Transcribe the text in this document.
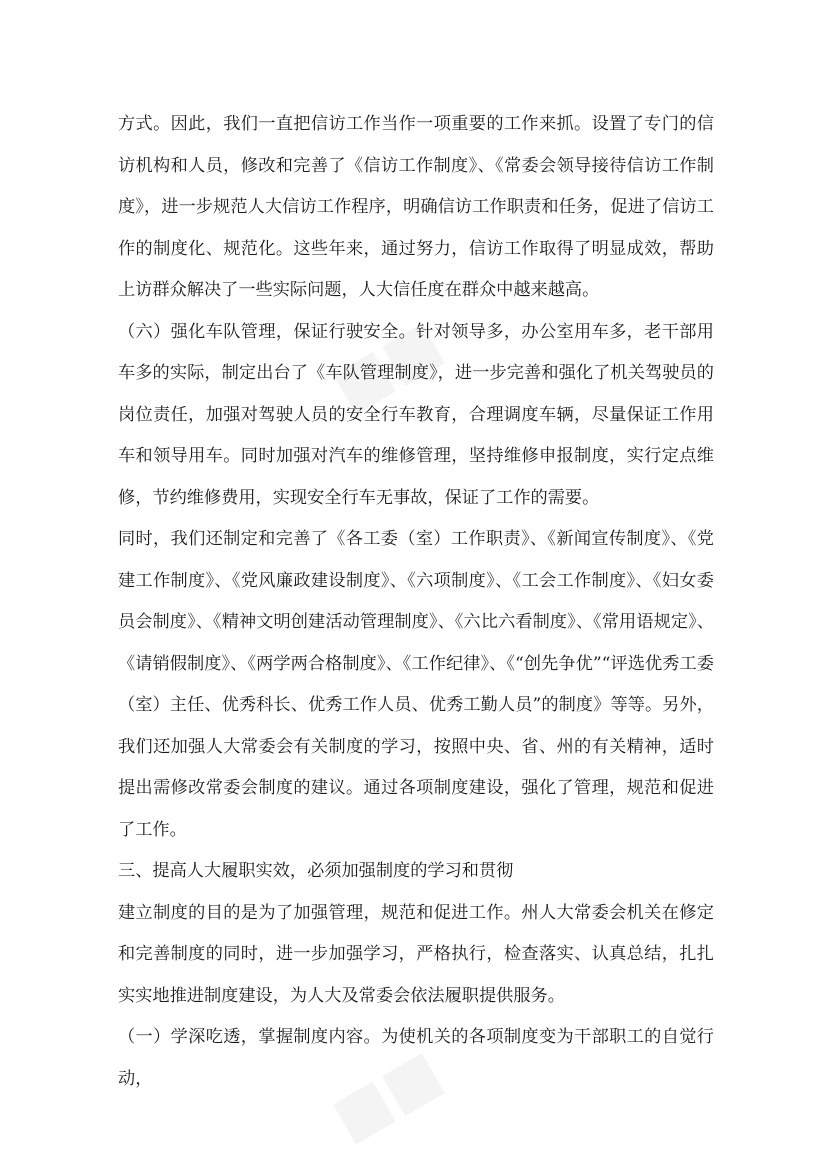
■■
■■

方式。因此，我们一直把信访工作当作一项重要的工作来抓。设置了专门的信访机构和人员，修改和完善了《信访工作制度》、《常委会领导接待信访工作制度》，进一步规范人大信访工作程序，明确信访工作职责和任务，促进了信访工作的制度化、规范化。这些年来，通过努力，信访工作取得了明显成效，帮助上访群众解决了一些实际问题，人大信任度在群众中越来越高。

（六）强化车队管理，保证行驶安全。针对领导多，办公室用车多，老干部用车多的实际，制定出台了《车队管理制度》，进一步完善和强化了机关驾驶员的岗位责任，加强对驾驶人员的安全行车教育，合理调度车辆，尽量保证工作用车和领导用车。同时加强对汽车的维修管理，坚持维修申报制度，实行定点维修，节约维修费用，实现安全行车无事故，保证了工作的需要。

同时，我们还制定和完善了《各工委（室）工作职责》、《新闻宣传制度》、《党建工作制度》、《党风廉政建设制度》、《六项制度》、《工会工作制度》、《妇女委员会制度》、《精神文明创建活动管理制度》、《六比六看制度》、《常用语规定》、《请销假制度》、《两学两合格制度》、《工作纪律》、《“创先争优”“评选优秀工委（室）主任、优秀科长、优秀工作人员、优秀工勤人员”的制度》等等。另外，我们还加强人大常委会有关制度的学习，按照中央、省、州的有关精神，适时提出需修改常委会制度的建议。通过各项制度建设，强化了管理，规范和促进了工作。

三、提高人大履职实效，必须加强制度的学习和贯彻

建立制度的目的是为了加强管理，规范和促进工作。州人大常委会机关在修定和完善制度的同时，进一步加强学习，严格执行，检查落实、认真总结，扎扎实实地推进制度建设，为人大及常委会依法履职提供服务。

（一）学深吃透，掌握制度内容。为使机关的各项制度变为干部职工的自觉行动，
